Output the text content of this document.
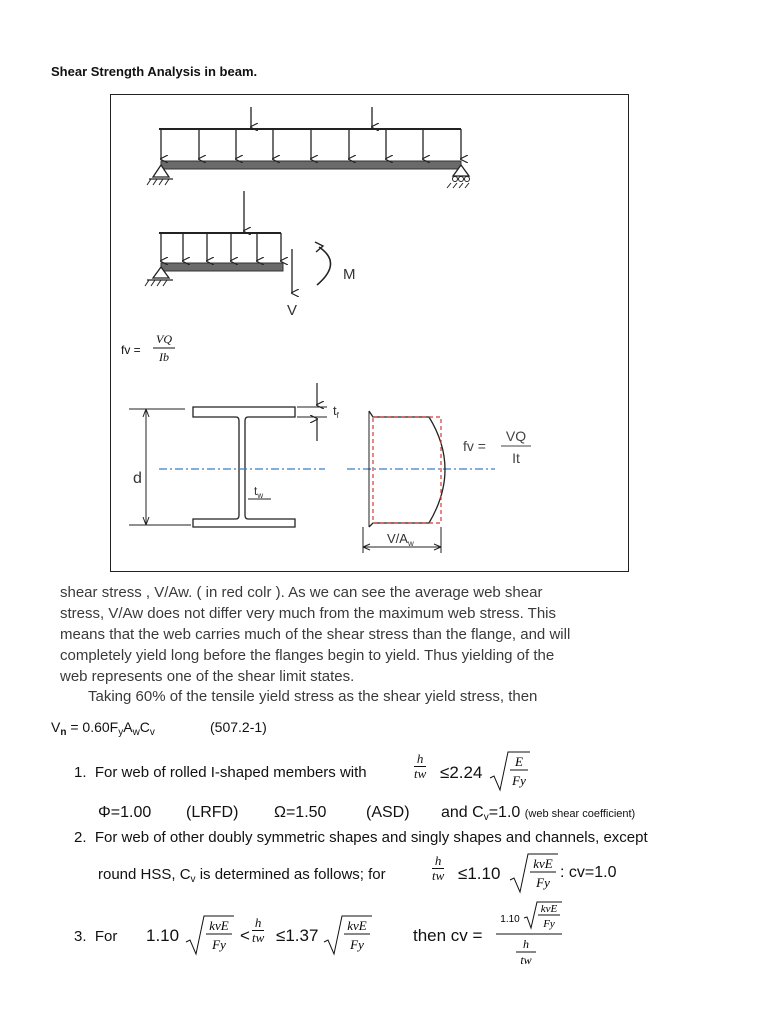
Shear Strength Analysis in beam.
M
V
fv =
VQ
Ib
d
$t_f$
$t_w$
$V/A_w$
fv =
VQ
It
shear stress , V/Aw. ( in red colr ). As we can see the average web shear
stress, V/Aw does not differ very much from the maximum web stress. This
means that the web carries much of the shear stress than the flange, and will
completely yield long before the flanges begin to yield. Thus yielding of the
web represents one of the shear limit states.
Taking 60% of the tensile yield stress as the shear yield stress, then
$V_n = 0.60F_yA_wC_v$	(507.2-1)
1. For web of rolled I-shaped members with	$\frac{h}{tw} \le 2.24$
E
Fy
Φ=1.00 (LRFD) Ω=1.50 (ASD) and $C_v=1.0$ (web shear coefficient)
2. For web of other doubly symmetric shapes and singly shapes and channels, except
round HSS, $C_v$ is determined as follows; for	$\frac{h}{tw} \le 1.10$
kvE
Fy
: cv=1.0
3. For 1.10
kvE
$Fy < \frac{h}{tw} \le 1.37$
kvE
Fy	then cv =
1.10
kvE
Fy
h
tw
